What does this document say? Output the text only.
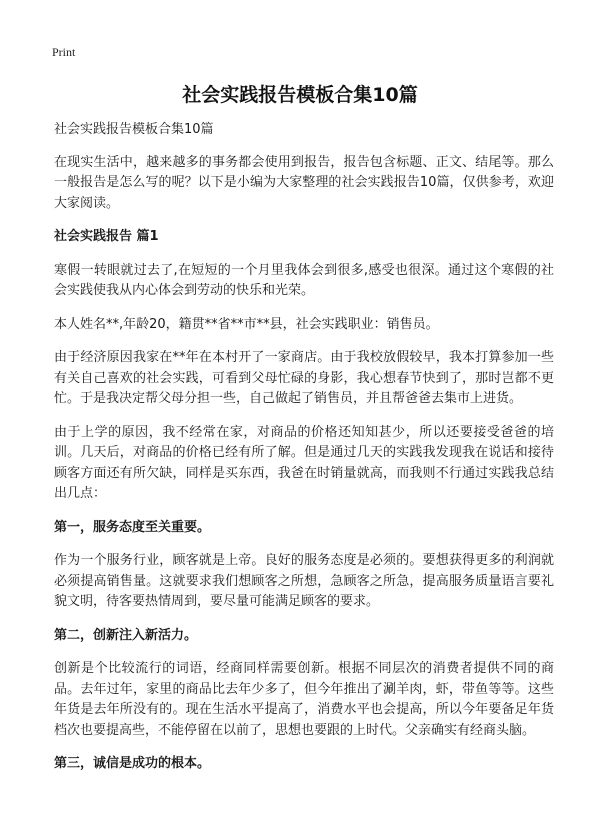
Print
社会实践报告模板合集10篇

社会实践报告模板合集10篇

在现实生活中，越来越多的事务都会使用到报告，报告包含标题、正文、结尾等。那么一般报告是怎么写的呢？以下是小编为大家整理的社会实践报告10篇，仅供参考，欢迎大家阅读。

社会实践报告 篇1

寒假一转眼就过去了,在短短的一个月里我体会到很多,感受也很深。通过这个寒假的社会实践使我从内心体会到劳动的快乐和光荣。

本人姓名**,年龄20，籍贯**省**市**县，社会实践职业：销售员。

由于经济原因我家在**年在本村开了一家商店。由于我校放假较早，我本打算参加一些有关自己喜欢的社会实践，可看到父母忙碌的身影，我心想春节快到了，那时岂都不更忙。于是我决定帮父母分担一些，自己做起了销售员，并且帮爸爸去集市上进货。

由于上学的原因，我不经常在家，对商品的价格还知知甚少，所以还要接受爸爸的培训。几天后，对商品的价格已经有所了解。但是通过几天的实践我发现我在说话和接待顾客方面还有所欠缺，同样是买东西，我爸在时销量就高，而我则不行通过实践我总结出几点：

第一，服务态度至关重要。

作为一个服务行业，顾客就是上帝。良好的服务态度是必须的。要想获得更多的利润就必须提高销售量。这就要求我们想顾客之所想，急顾客之所急，提高服务质量语言要礼貌文明，待客要热情周到，要尽量可能满足顾客的要求。

第二，创新注入新活力。

创新是个比较流行的词语，经商同样需要创新。根据不同层次的消费者提供不同的商品。去年过年，家里的商品比去年少多了，但今年推出了涮羊肉，虾，带鱼等等。这些年货是去年所没有的。现在生活水平提高了，消费水平也会提高，所以今年要备足年货档次也要提高些，不能停留在以前了，思想也要跟的上时代。父亲确实有经商头脑。

第三，诚信是成功的根本。
